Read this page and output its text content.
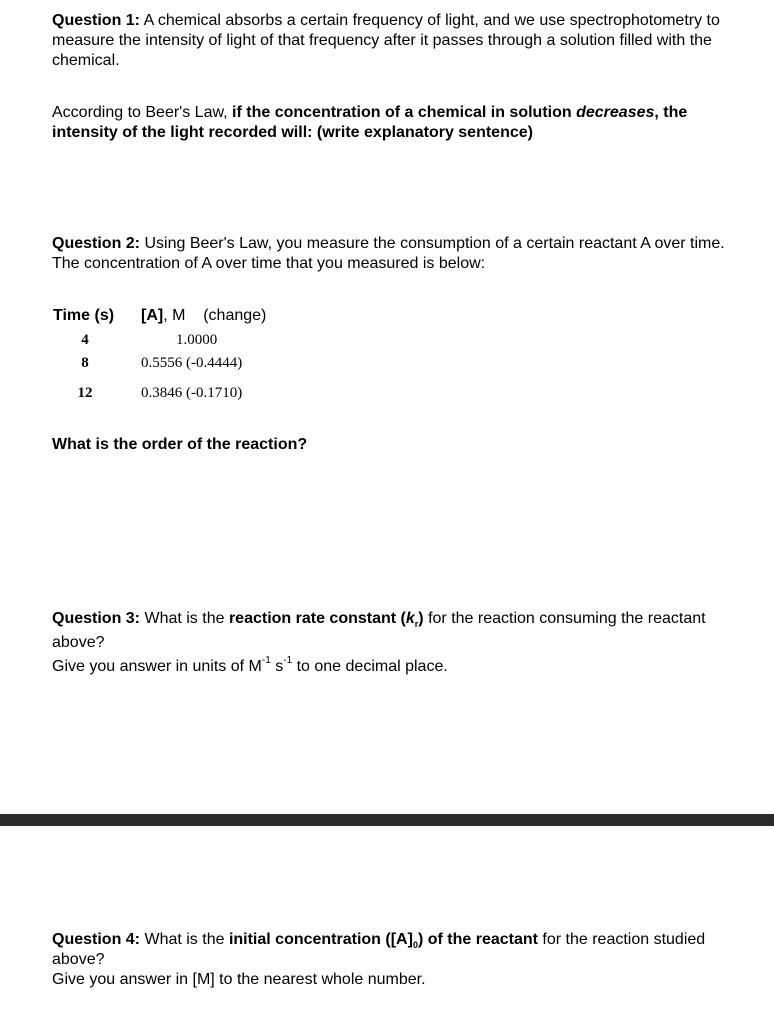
Question 1: A chemical absorbs a certain frequency of light, and we use spectrophotometry to measure the intensity of light of that frequency after it passes through a solution filled with the chemical.

According to Beer's Law, if the concentration of a chemical in solution decreases, the intensity of the light recorded will: (write explanatory sentence)

Question 2: Using Beer's Law, you measure the consumption of a certain reactant A over time. The concentration of A over time that you measured is below:

Time (s) [A], M    (change)
4	1.0000
8	0.5556 (-0.4444)
12	0.3846 (-0.1710)

What is the order of the reaction?

Question 3: What is the reaction rate constant $(k_r)$ for the reaction consuming the reactant above?
Give you answer in units of $M^{-1}$ $s^{-1}$ to one decimal place.

Question 4: What is the initial concentration $([A]_0)$ of the reactant for the reaction studied above?
Give you answer in [M] to the nearest whole number.
